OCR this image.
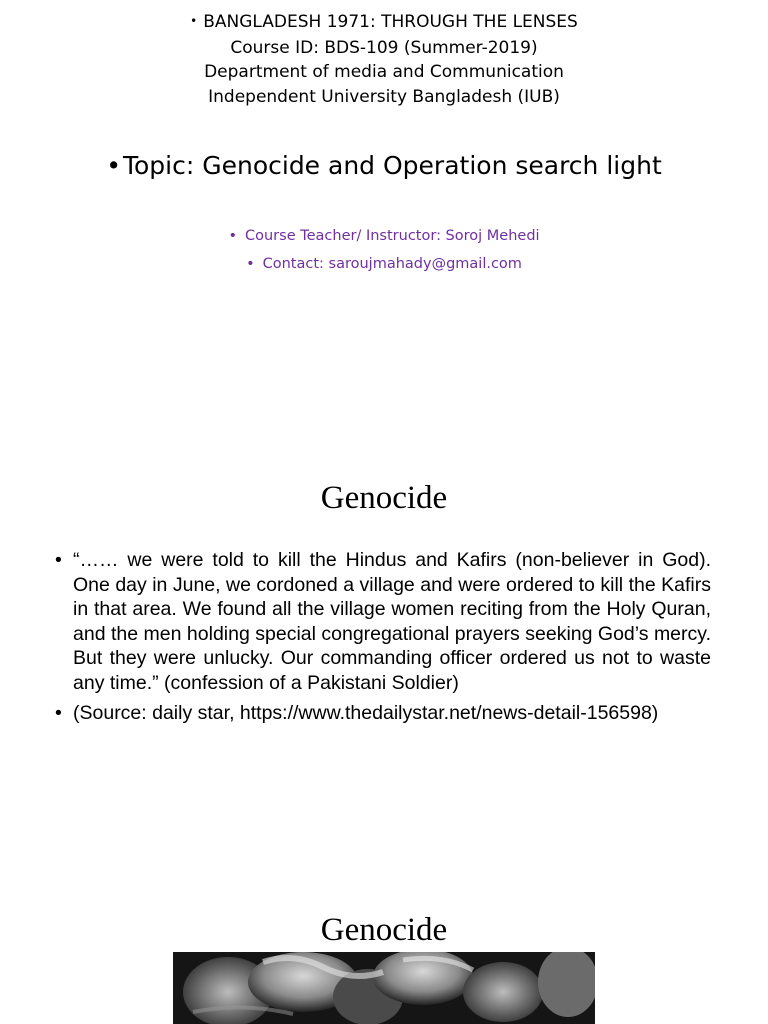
• BANGLADESH 1971: THROUGH THE LENSES
Course ID: BDS-109 (Summer-2019)
Department of media and Communication
Independent University Bangladesh (IUB)
•Topic: Genocide and Operation search light
• Course Teacher/ Instructor: Soroj Mehedi
• Contact: saroujmahady@gmail.com
Genocide
• “…… we were told to kill the Hindus and Kafirs (non-believer in God). One day in June, we cordoned a village and were ordered to kill the Kafirs in that area. We found all the village women reciting from the Holy Quran, and the men holding special congregational prayers seeking God’s mercy. But they were unlucky. Our commanding officer ordered us not to waste any time.” (confession of a Pakistani Soldier)
• (Source: daily star, https://www.thedailystar.net/news-detail-156598)
Genocide
